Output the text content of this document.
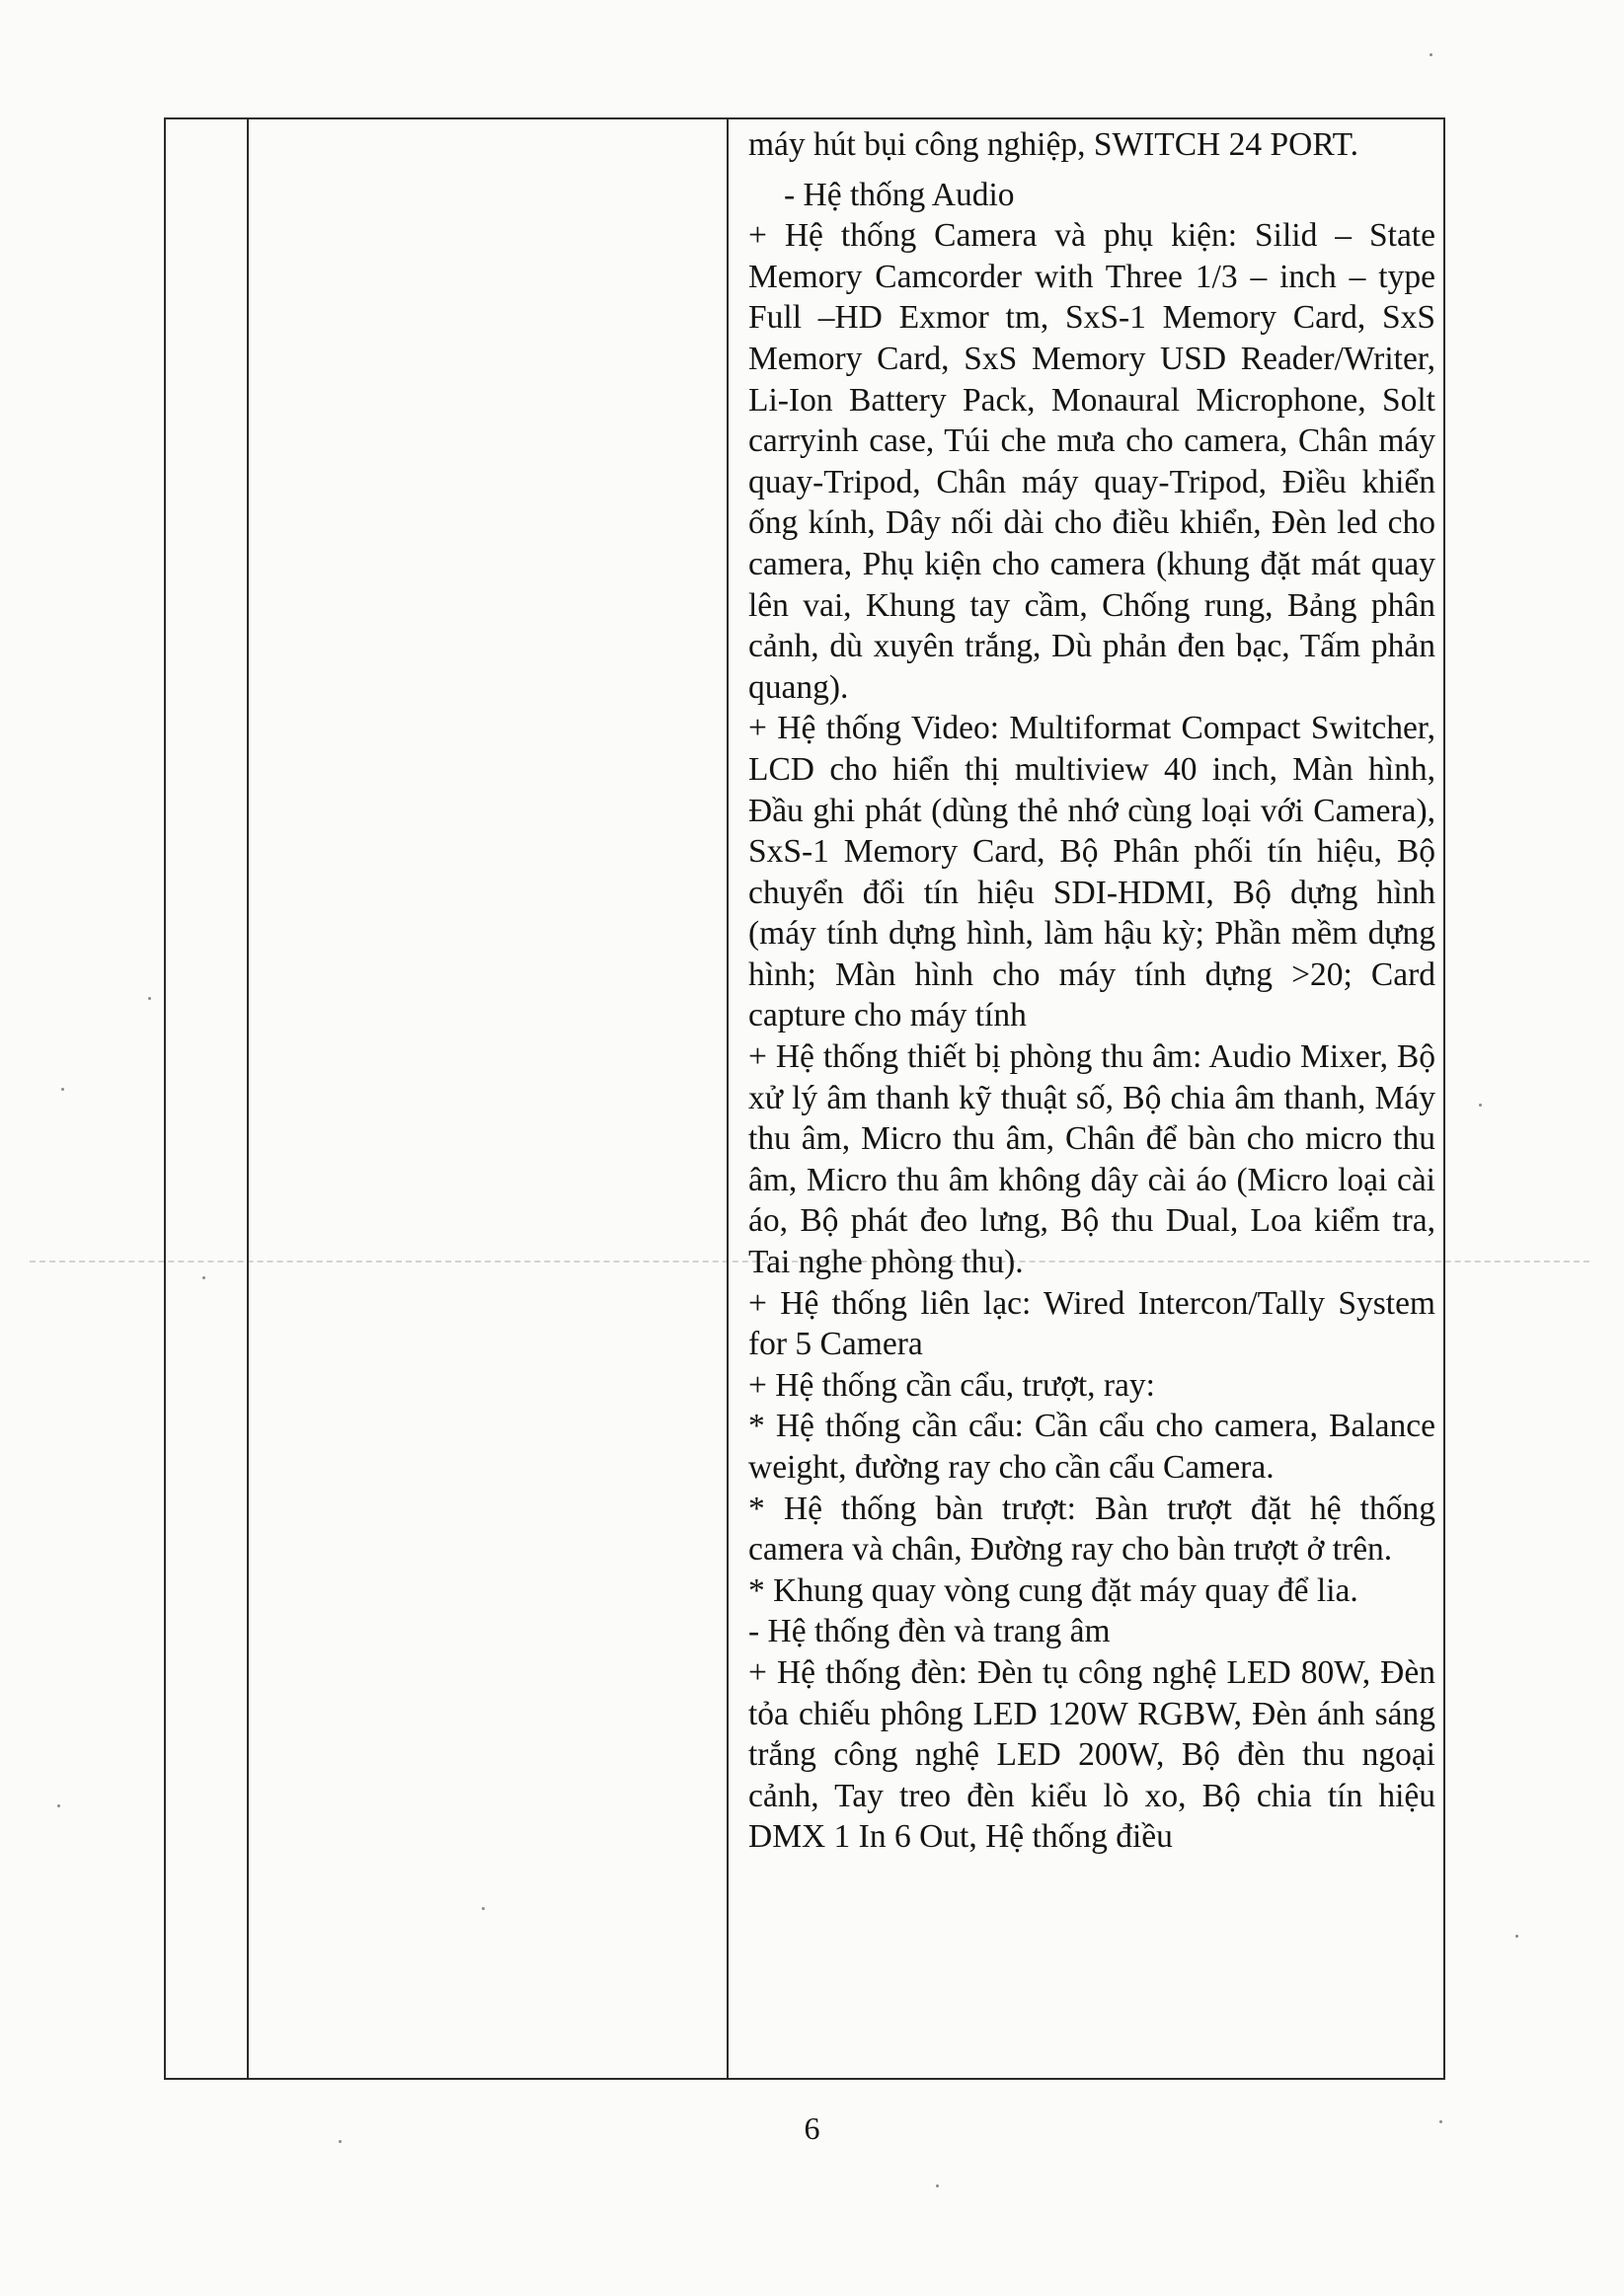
máy hút bụi công nghiệp, SWITCH 24 PORT.

- Hệ thống Audio

+ Hệ thống Camera và phụ kiện: Silid – State Memory Camcorder with Three 1/3 – inch – type Full –HD Exmor tm, SxS-1 Memory Card, SxS Memory Card, SxS Memory USD Reader/Writer, Li-Ion Battery Pack, Monaural Microphone, Solt carryinh case, Túi che mưa cho camera, Chân máy quay-Tripod, Chân máy quay-Tripod, Điều khiển ống kính, Dây nối dài cho điều khiển, Đèn led cho camera, Phụ kiện cho camera (khung đặt mát quay lên vai, Khung tay cầm, Chống rung, Bảng phân cảnh, dù xuyên trắng, Dù phản đen bạc, Tấm phản quang).

+ Hệ thống Video: Multiformat Compact Switcher, LCD cho hiển thị multiview 40 inch, Màn hình, Đầu ghi phát (dùng thẻ nhớ cùng loại với Camera), SxS-1 Memory Card, Bộ Phân phối tín hiệu, Bộ chuyển đổi tín hiệu SDI-HDMI, Bộ dựng hình (máy tính dựng hình, làm hậu kỳ; Phần mềm dựng hình; Màn hình cho máy tính dựng >20; Card capture cho máy tính

+ Hệ thống thiết bị phòng thu âm: Audio Mixer, Bộ xử lý âm thanh kỹ thuật số, Bộ chia âm thanh, Máy thu âm, Micro thu âm, Chân để bàn cho micro thu âm, Micro thu âm không dây cài áo (Micro loại cài áo, Bộ phát đeo lưng, Bộ thu Dual, Loa kiểm tra, Tai nghe phòng thu).

+ Hệ thống liên lạc: Wired Intercon/Tally System for 5 Camera

+ Hệ thống cần cẩu, trượt, ray:

* Hệ thống cần cẩu: Cần cẩu cho camera, Balance weight, đường ray cho cần cẩu Camera.

* Hệ thống bàn trượt: Bàn trượt đặt hệ thống camera và chân, Đường ray cho bàn trượt ở trên.

* Khung quay vòng cung đặt máy quay để lia.

- Hệ thống đèn và trang âm

+ Hệ thống đèn: Đèn tụ công nghệ LED 80W, Đèn tỏa chiếu phông LED 120W RGBW, Đèn ánh sáng trắng công nghệ LED 200W, Bộ đèn thu ngoại cảnh, Tay treo đèn kiểu lò xo, Bộ chia tín hiệu DMX 1 In 6 Out, Hệ thống điều

6
